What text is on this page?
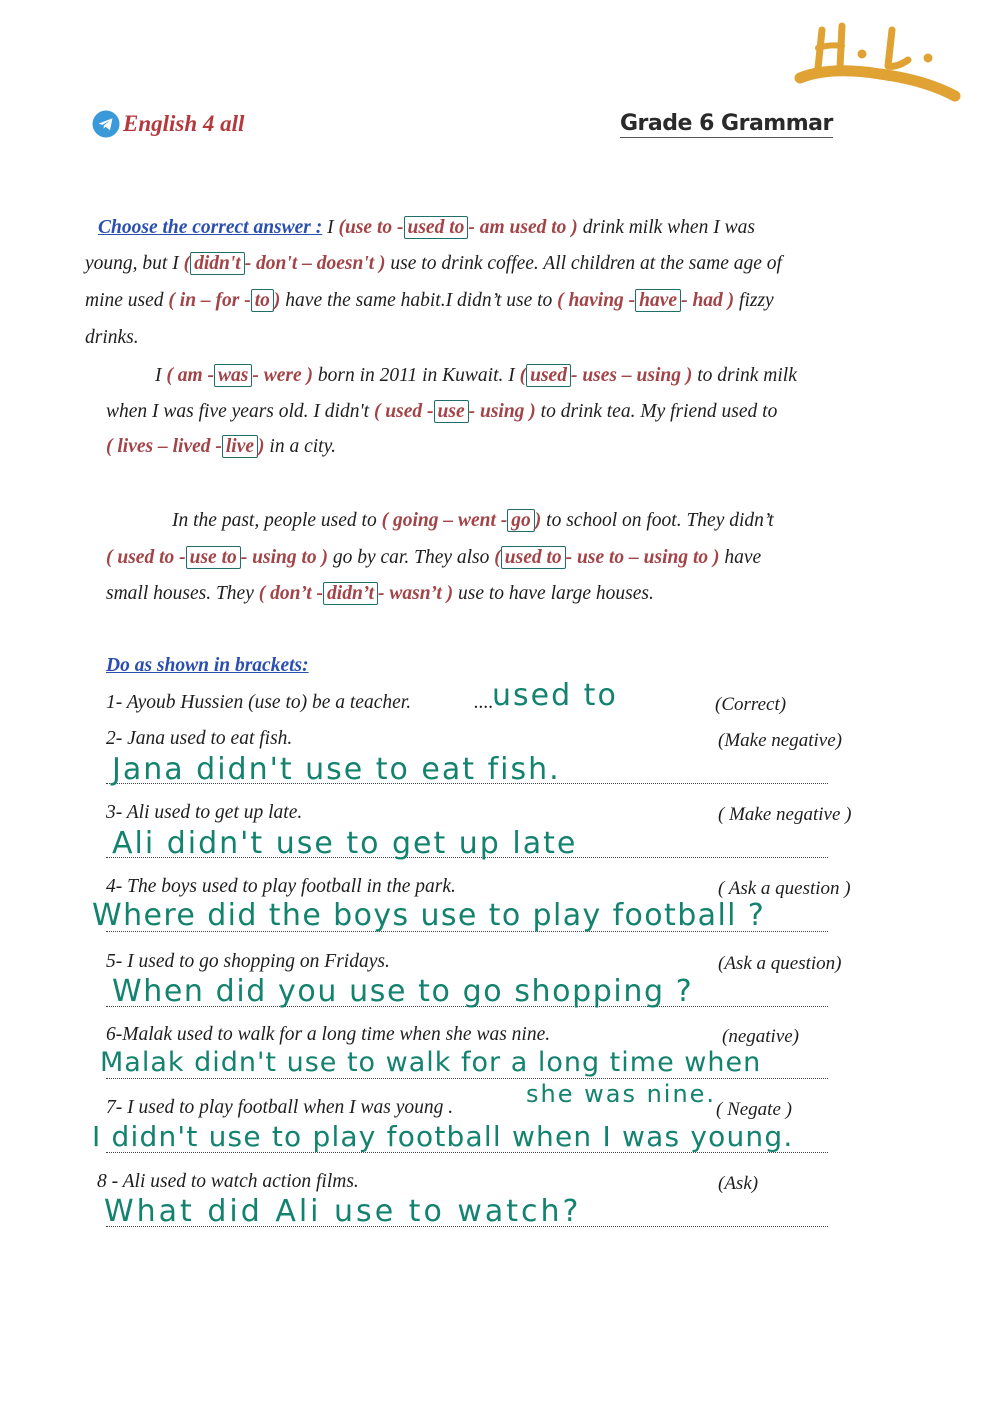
English 4 all	Grade 6 Grammar
Choose the correct answer : I (use to - used to - am used to ) drink milk when I was
young, but I ( didn't - don't – doesn't ) use to drink coffee. All children at the same age of
mine used ( in – for - to ) have the same habit.I didn’t use to ( having - have - had ) fizzy
drinks.
I ( am - was - were ) born in 2011 in Kuwait. I ( used - uses – using ) to drink milk
when I was five years old. I didn't ( used - use - using ) to drink tea. My friend used to
( lives – lived - live ) in a city.
In the past, people used to ( going – went - go ) to school on foot. They didn’t
( used to - use to - using to ) go by car. They also ( used to - use to – using to ) have
small houses. They ( don’t - didn’t - wasn’t ) use to have large houses.
Do as shown in brackets:
1- Ayoub Hussien (use to) be a teacher.	....
used to	(Correct)
2- Jana used to eat fish.	(Make negative)
Jana didn't use to eat fish.
3- Ali used to get up late.	( Make negative )
Ali didn't use to get up late
4- The boys used to play football in the park.	( Ask a question )
Where did the boys use to play football ?
5- I used to go shopping on Fridays.	(Ask a question)
When did you use to go shopping ?
6-Malak used to walk for a long time when she was nine.	(negative)
Malak didn't use to walk for a long time when
she was nine.
7- I used to play football when I was young .	( Negate )
I didn't use to play football when I was young.
8 - Ali used to watch action films.	(Ask)
What did Ali use to watch?
